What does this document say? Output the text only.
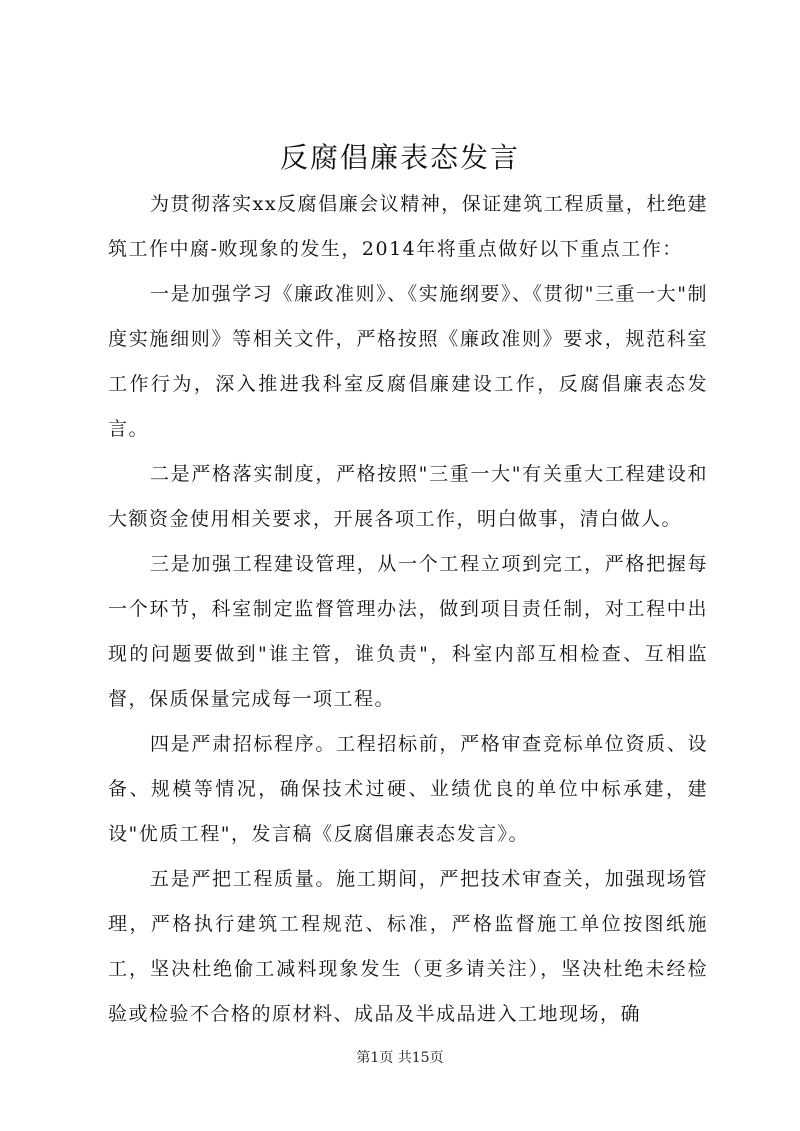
反腐倡廉表态发言

为贯彻落实xx反腐倡廉会议精神，保证建筑工程质量，杜绝建筑工作中腐-败现象的发生，2014年将重点做好以下重点工作：

一是加强学习《廉政准则》、《实施纲要》、《贯彻"三重一大"制度实施细则》等相关文件，严格按照《廉政准则》要求，规范科室工作行为，深入推进我科室反腐倡廉建设工作，反腐倡廉表态发言。

二是严格落实制度，严格按照"三重一大"有关重大工程建设和大额资金使用相关要求，开展各项工作，明白做事，清白做人。

三是加强工程建设管理，从一个工程立项到完工，严格把握每一个环节，科室制定监督管理办法，做到项目责任制，对工程中出现的问题要做到"谁主管，谁负责"，科室内部互相检查、互相监督，保质保量完成每一项工程。

四是严肃招标程序。工程招标前，严格审查竞标单位资质、设备、规模等情况，确保技术过硬、业绩优良的单位中标承建，建设"优质工程"，发言稿《反腐倡廉表态发言》。

五是严把工程质量。施工期间，严把技术审查关，加强现场管理，严格执行建筑工程规范、标准，严格监督施工单位按图纸施工，坚决杜绝偷工减料现象发生（更多请关注），坚决杜绝未经检验或检验不合格的原材料、成品及半成品进入工地现场，确

第1页 共15页
